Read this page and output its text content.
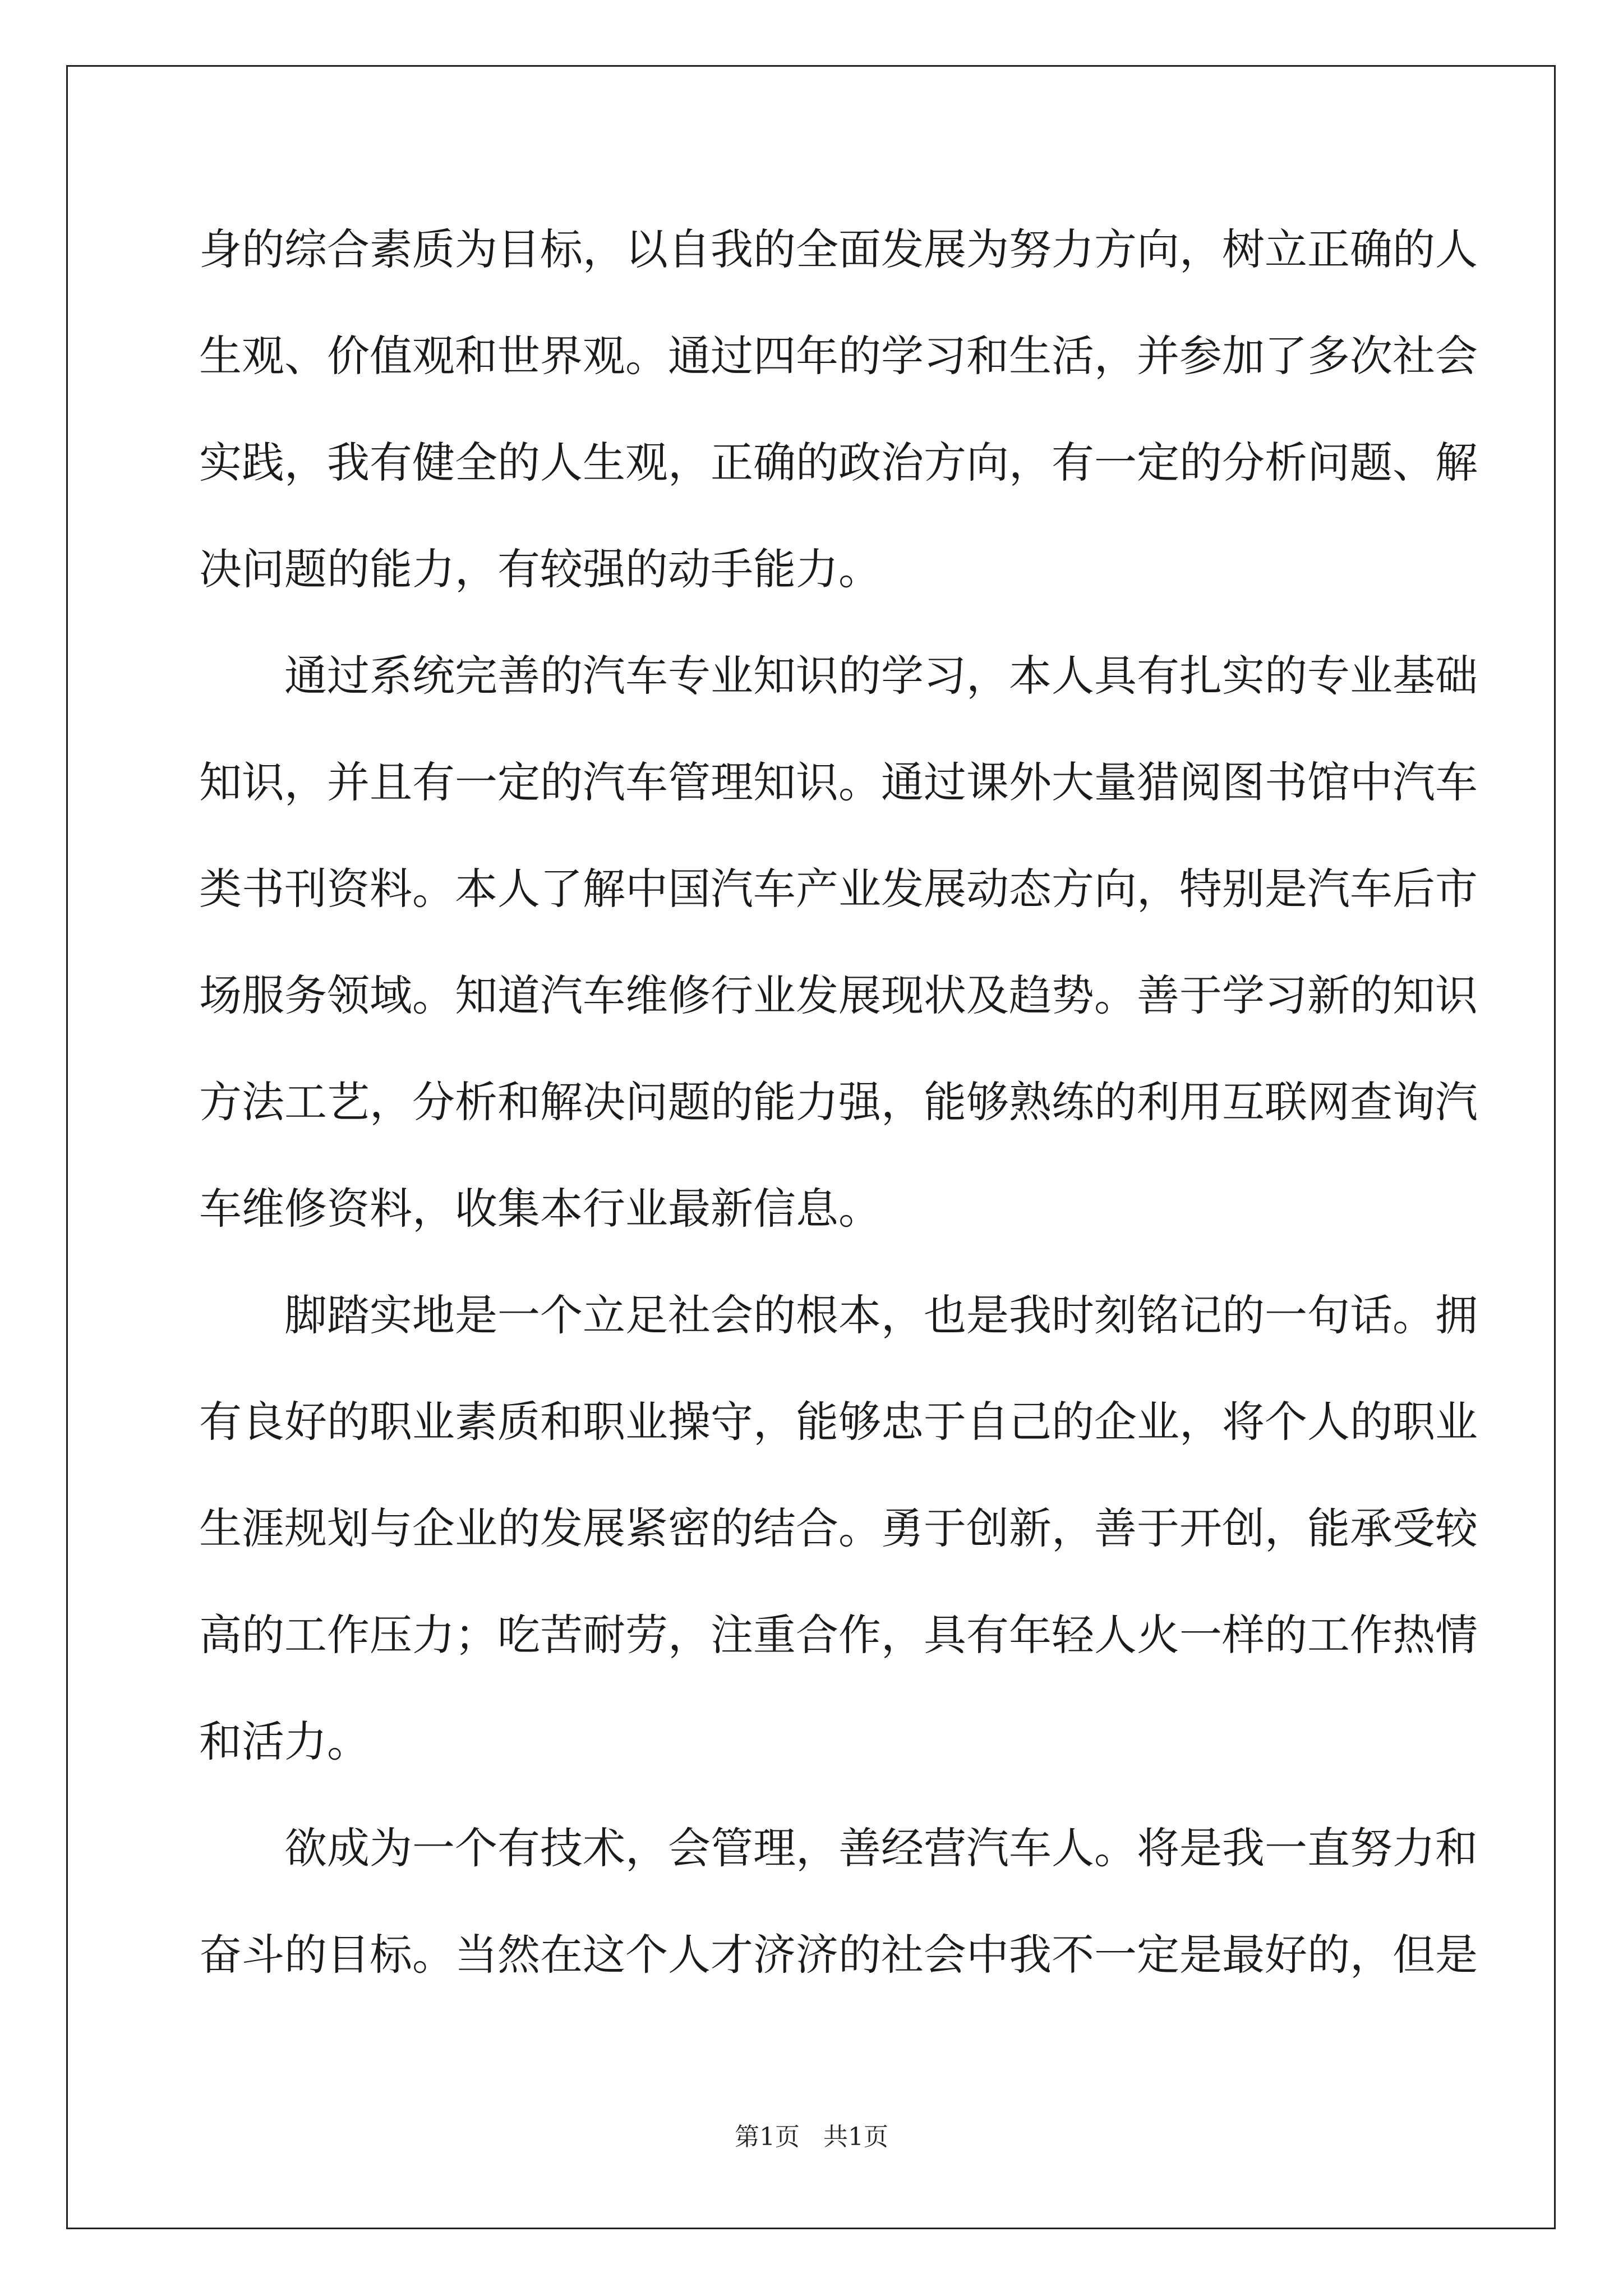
身的综合素质为目标，以自我的全面发展为努力方向，树立正确的人
生观、价值观和世界观。通过四年的学习和生活，并参加了多次社会
实践，我有健全的人生观，正确的政治方向，有一定的分析问题、解
决问题的能力，有较强的动手能力。
通过系统完善的汽车专业知识的学习，本人具有扎实的专业基础
知识，并且有一定的汽车管理知识。通过课外大量猎阅图书馆中汽车
类书刊资料。本人了解中国汽车产业发展动态方向，特别是汽车后市
场服务领域。知道汽车维修行业发展现状及趋势。善于学习新的知识
方法工艺，分析和解决问题的能力强，能够熟练的利用互联网查询汽
车维修资料，收集本行业最新信息。
脚踏实地是一个立足社会的根本，也是我时刻铭记的一句话。拥
有良好的职业素质和职业操守，能够忠于自己的企业，将个人的职业
生涯规划与企业的发展紧密的结合。勇于创新，善于开创，能承受较
高的工作压力；吃苦耐劳，注重合作，具有年轻人火一样的工作热情
和活力。
欲成为一个有技术，会管理，善经营汽车人。将是我一直努力和
奋斗的目标。当然在这个人才济济的社会中我不一定是最好的，但是
第1页 共1页
